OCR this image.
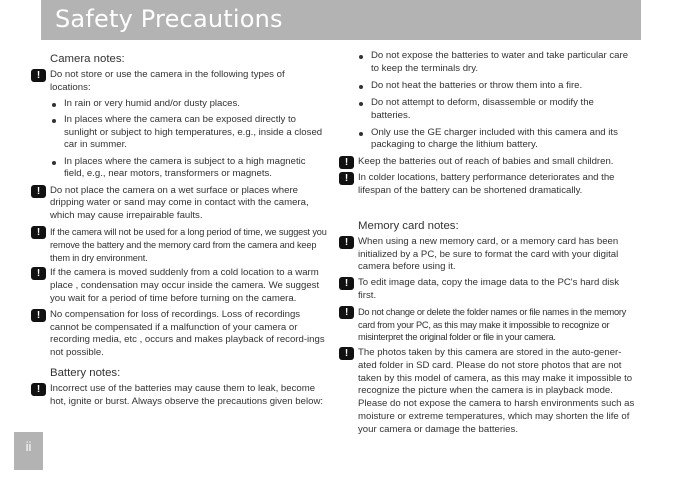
Safety Precautions
Camera notes:
!	Do not store or use the camera in the following types of locations:
In rain or very humid and/or dusty places.
In places where the camera can be exposed directly to sunlight or subject to high temperatures, e.g., inside a closed car in summer.
In places where the camera is subject to a high magnetic field, e.g., near motors, transformers or magnets.
!	Do not place the camera on a wet surface or places where dripping water or sand may come in contact with the camera, which may cause irrepairable faults.
!	If the camera will not be used for a long period of time, we suggest you remove the battery and the memory card from the camera and keep them in dry environment.
!	If the camera is moved suddenly from a cold location to a warm place , condensation may occur inside the camera. We suggest you wait for a period of time before turning on the camera.
!	No compensation for loss of recordings. Loss of recordings cannot be compensated if a malfunction of your camera or recording media, etc , occurs and makes playback of record-ings not possible.
Battery notes:
!	Incorrect use of the batteries may cause them to leak, become hot, ignite or burst. Always observe the precautions given below:
Do not expose the batteries to water and take particular care to keep the terminals dry.
Do not heat the batteries or throw them into a fire.
Do not attempt to deform, disassemble or modify the batteries.
Only use the GE charger included with this camera and its packaging to charge the lithium battery.
!	Keep the batteries out of reach of babies and small children.
!	In colder locations, battery performance deteriorates and the lifespan of the battery can be shortened dramatically.
Memory card notes:
!	When using a new memory card, or a memory card has been initialized by a PC, be sure to format the card with your digital camera before using it.
!	To edit image data, copy the image data to the PC's hard disk first.
!	Do not change or delete the folder names or file names in the memory card from your PC, as this may make it impossible to recognize or misinterpret the original folder or file in your camera.
!	The photos taken by this camera are stored in the auto-gener-ated folder in SD card. Please do not store photos that are not taken by this model of camera, as this may make it impossible to recognize the picture when the camera is in playback mode. Please do not expose the camera to harsh environments such as moisture or extreme temperatures, which may shorten the life of your camera or damage the batteries.
ii
